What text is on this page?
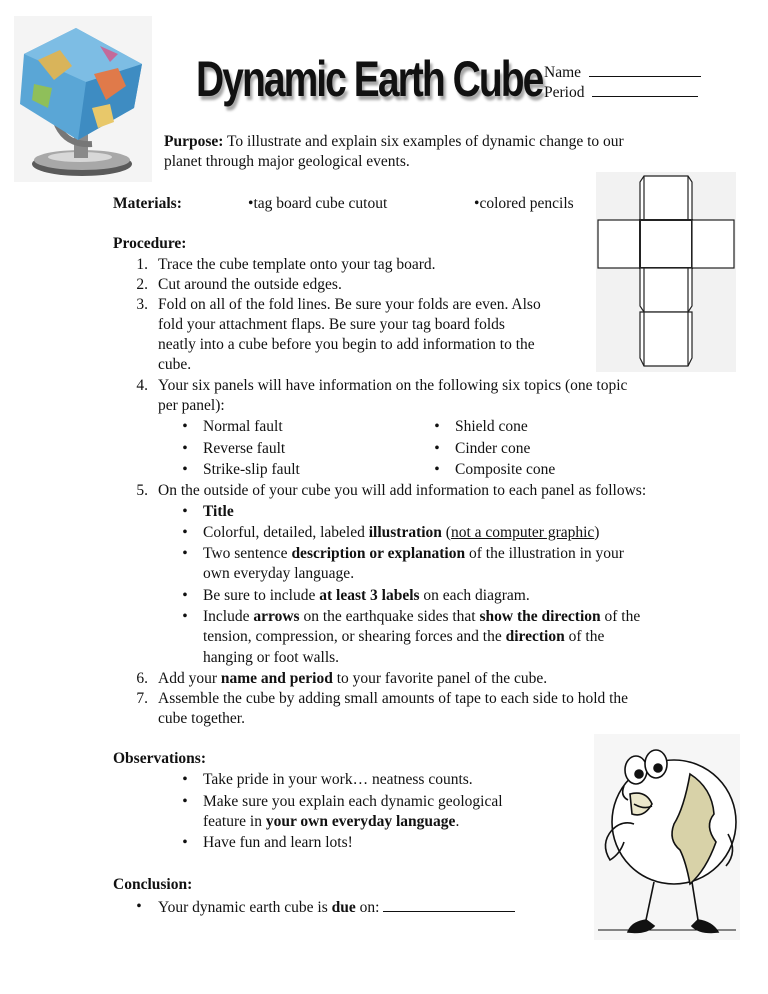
Dynamic Earth Cube Name
Period
Purpose: To illustrate and explain six examples of dynamic change to our
planet through major geological events.
Materials:	•tag board cube cutout	•colored pencils
Procedure:
1. Trace the cube template onto your tag board.
2. Cut around the outside edges.
3. Fold on all of the fold lines. Be sure your folds are even. Also
fold your attachment flaps. Be sure your tag board folds
neatly into a cube before you begin to add information to the
cube.
4. Your six panels will have information on the following six topics (one topic
per panel):
• Normal fault
• Reverse fault
• Strike-slip fault
• Shield cone
• Cinder cone
• Composite cone
5. On the outside of your cube you will add information to each panel as follows:
• Title
• Colorful, detailed, labeled illustration (not a computer graphic)
• Two sentence description or explanation of the illustration in your
own everyday language.
• Be sure to include at least 3 labels on each diagram.
• Include arrows on the earthquake sides that show the direction of the
tension, compression, or shearing forces and the direction of the
hanging or foot walls.
6. Add your name and period to your favorite panel of the cube.
7. Assemble the cube by adding small amounts of tape to each side to hold the
cube together.
Observations:
• Take pride in your work… neatness counts.
• Make sure you explain each dynamic geological
feature in your own everyday language.
• Have fun and learn lots!
Conclusion:
• Your dynamic earth cube is due on:
